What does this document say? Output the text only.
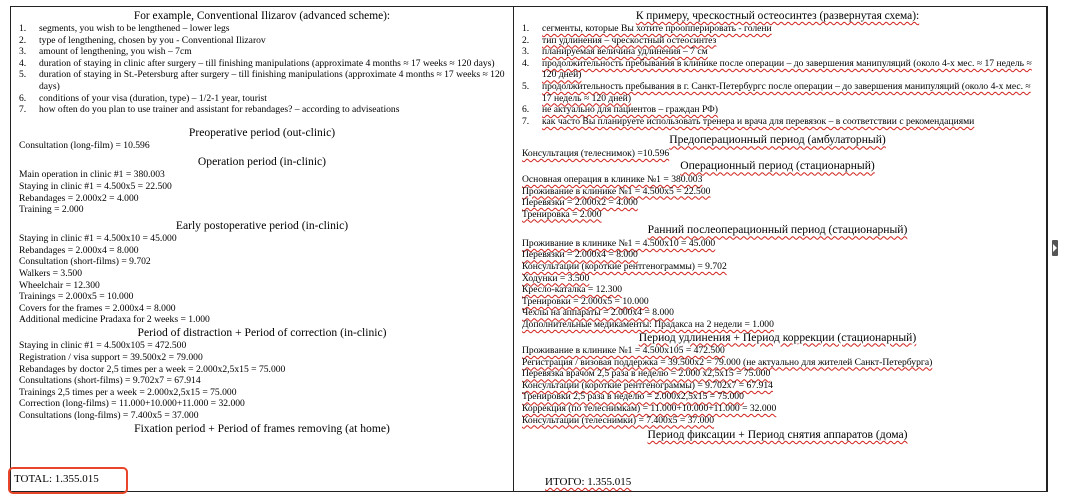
For example, Conventional Ilizarov (advanced scheme):
1.	segments, you wish to be lengthened – lower legs
2.	type of lengthening, chosen by you - Conventional Ilizarov
3.	amount of lengthening, you wish – 7cm
4.	duration of staying in clinic after surgery – till finishing manipulations (approximate 4 months ≈ 17 weeks ≈ 120 days)
5.	duration of staying in St.-Petersburg after surgery – till finishing manipulations (approximate 4 months ≈ 17 weeks ≈ 120 days)
6.	conditions of your visa (duration, type) – 1/2-1 year, tourist
7.	how often do you plan to use trainer and assistant for rebandages? – according to adviseations
Preoperative period (out-clinic)
Consultation (long-film) = 10.596
Operation period (in-clinic)
Main operation in clinic #1 = 380.003
Staying in clinic #1 = 4.500x5 = 22.500
Rebandages = 2.000x2 = 4.000
Training = 2.000
Early postoperative period (in-clinic)
Staying in clinic #1 = 4.500x10 = 45.000
Rebandages = 2.000x4 = 8.000
Consultation (short-films) = 9.702
Walkers = 3.500
Wheelchair = 12.300
Trainings = 2.000x5 = 10.000
Covers for the frames = 2.000x4 = 8.000
Additional medicine Pradaxa for 2 weeks = 1.000
Period of distraction + Period of correction (in-clinic)
Staying in clinic #1 = 4.500x105 = 472.500
Registration / visa support = 39.500x2 = 79.000
Rebandages by doctor 2,5 times per a week = 2.000x2,5x15 = 75.000
Consultations (short-films) = 9.702x7 = 67.914
Trainings 2,5 times per a week = 2.000x2,5x15 = 75.000
Correction (long-films) = 11.000+10.000+11.000 = 32.000
Consultations (long-films) = 7.400x5 = 37.000
Fixation period + Period of frames removing (at home)
К примеру, чрескостный остеосинтез (развернутая схема):
1.	сегменты, которые Вы хотите проопперировать - голени
2.	тип удлинения – чрескостный остеосинтез
3.	планируемая величина удлинения – 7 см
4.	продолжительность пребывания в клинике после операции – до завершения манипуляций (около 4-х мес. ≈ 17 недель ≈ 120 дней)
5.	продолжительность пребывания в г. Санкт-Петербургс после операции – до завершения манипуляций (около 4-х мес. ≈ 17 недель ≈ 120 дней)
6.	не актуально для пациентов – граждан РФ)
7.	как часто Вы планируете использовать тренера и врача для перевязок – в соответствии с рекомендациями
Предоперационный период (амбулаторный)
Консультация (телеснимок) =10.596
Операционный период (стационарный)
Основная операция в клинике №1 = 380.003
Проживание в клинике №1 = 4.500x5 = 22.500
Перевязки = 2.000x2 = 4.000
Тренировка = 2.000
Ранний послеоперационный период (стационарный)
Проживание в клинике №1 = 4.500x10 = 45.000
Перевязки = 2.000x4 = 8.000
Консультации (короткие рентгенограммы) = 9.702
Ходунки = 3.500
Кресло-каталка = 12.300
Тренировки = 2.000x5 = 10.000
Чехлы на аппараты = 2.000x4 = 8.000
Дополнительные медикаменты: Прадакса на 2 недели = 1.000
Период удлинения + Период коррекции (стационарный)
Проживание в клинике №1 = 4.500x105 = 472.500
Регистрация / визовая поддержка = 39.500x2 = 79.000 (не актуально для жителей Санкт-Петербурга)
Перевязка врачом 2,5 раза в неделю = 2.000 x2,5x15 = 75.000
Консультации (короткие рентгенограммы) = 9.702x7 = 67.914
Тренировки 2,5 раза в неделю = 2.000x2,5x15 = 75.000
Коррекция (по телеснимкам) = 11.000+10.000+11.000 = 32.000
Консультации (телеснимки) = 7.400x5 = 37.000
Период фиксации + Период снятия аппаратов (дома)
TOTAL: 1.355.015	ИТОГО: 1.355.015
